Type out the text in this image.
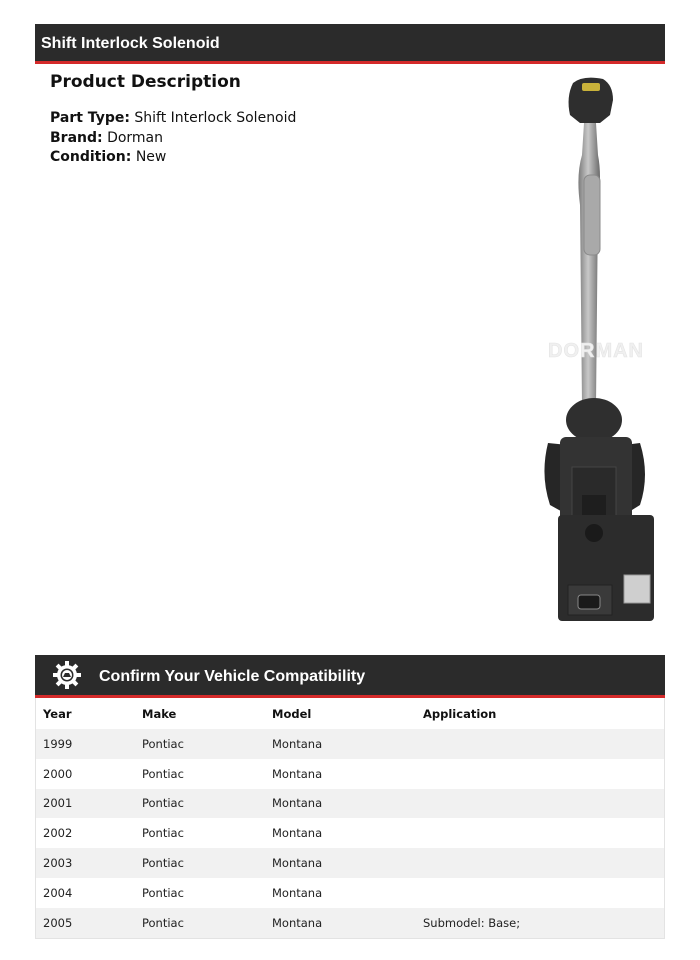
Shift Interlock Solenoid
Product Description
Part Type: Shift Interlock Solenoid
Brand: Dorman
Condition: New
DORMAN
Confirm Your Vehicle Compatibility
Year	Make	Model	Application
1999	Pontiac	Montana
2000	Pontiac	Montana
2001	Pontiac	Montana
2002	Pontiac	Montana
2003	Pontiac	Montana
2004	Pontiac	Montana
2005	Pontiac	Montana	Submodel: Base;
